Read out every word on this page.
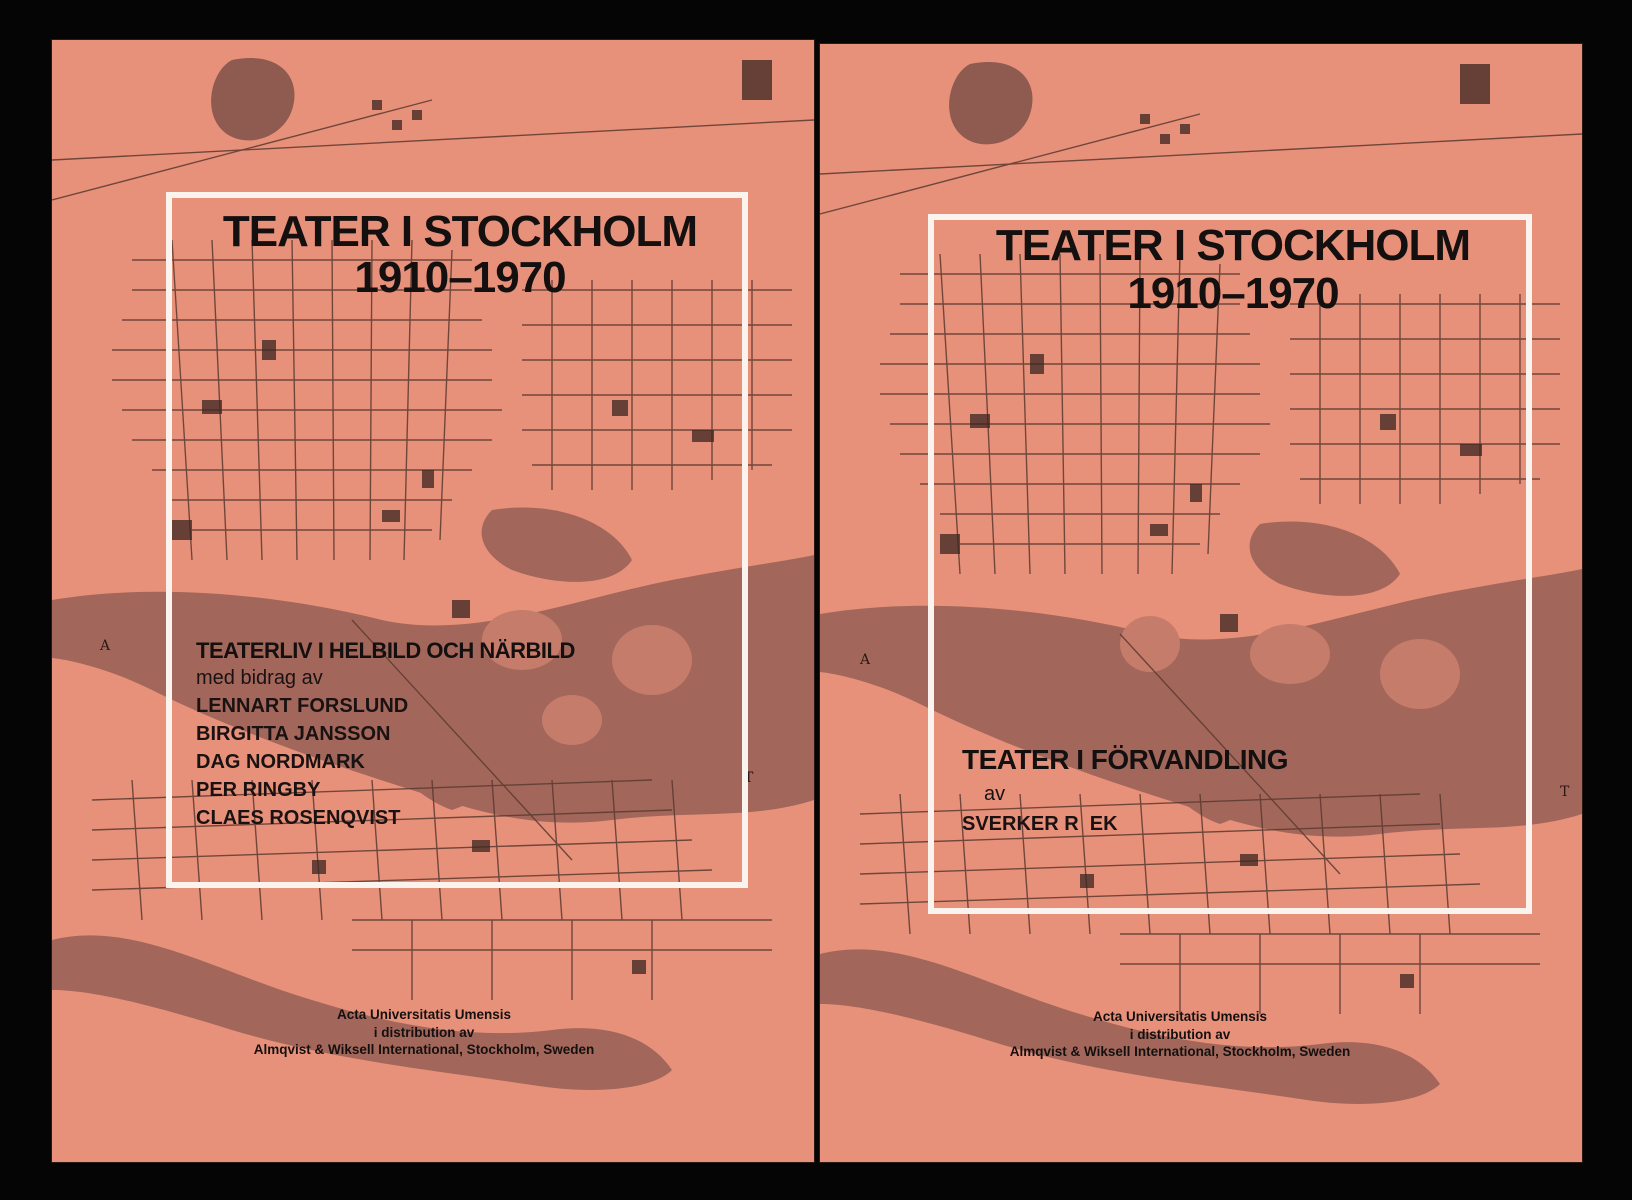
A
T
TEATER I STOCKHOLM
1910–1970
TEATERLIV I HELBILD OCH NÄRBILD
med bidrag av
LENNART FORSLUND
BIRGITTA JANSSON
DAG NORDMARK
PER RINGBY
CLAES ROSENQVIST
Acta Universitatis Umensis
i distribution av
Almqvist & Wiksell International, Stockholm, Sweden
A
T
TEATER I STOCKHOLM
1910–1970
TEATER I FÖRVANDLING
av
SVERKER R  EK
Acta Universitatis Umensis
i distribution av
Almqvist & Wiksell International, Stockholm, Sweden
